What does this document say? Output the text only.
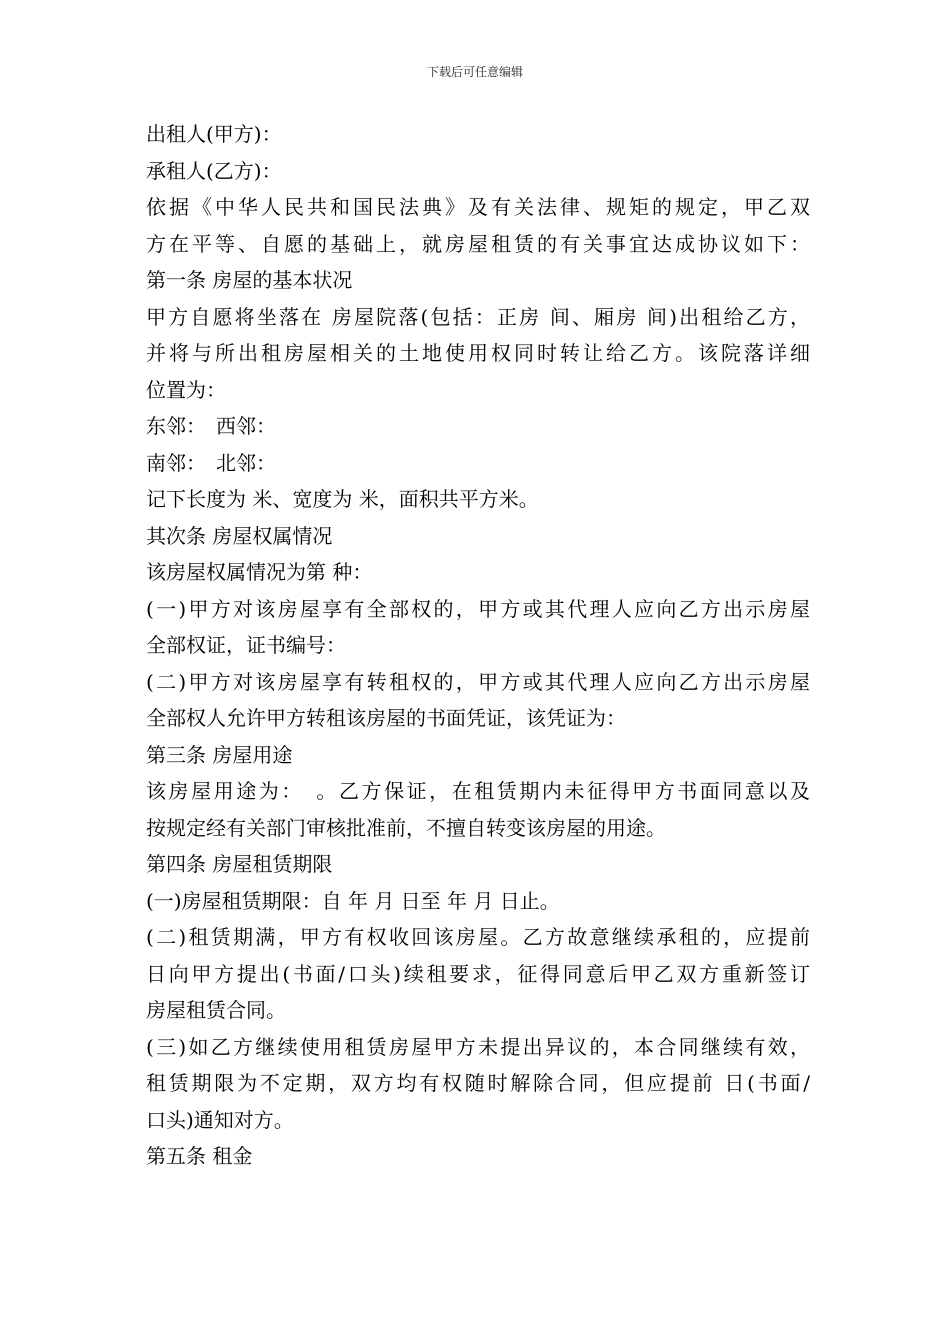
下载后可任意编辑
出租人(甲方)：
承租人(乙方)：
依据《中华人民共和国民法典》及有关法律、规矩的规定，甲乙双
方在平等、自愿的基础上，就房屋租赁的有关事宜达成协议如下：
第一条 房屋的基本状况
甲方自愿将坐落在 房屋院落(包括：正房 间、厢房 间)出租给乙方，
并将与所出租房屋相关的土地使用权同时转让给乙方。该院落详细
位置为：
东邻：　西邻：
南邻：　北邻：
记下长度为 米、宽度为 米，面积共平方米。
其次条 房屋权属情况
该房屋权属情况为第 种：
(一)甲方对该房屋享有全部权的，甲方或其代理人应向乙方出示房屋
全部权证，证书编号：
(二)甲方对该房屋享有转租权的，甲方或其代理人应向乙方出示房屋
全部权人允许甲方转租该房屋的书面凭证，该凭证为：
第三条 房屋用途
该房屋用途为：　。乙方保证，在租赁期内未征得甲方书面同意以及
按规定经有关部门审核批准前，不擅自转变该房屋的用途。
第四条 房屋租赁期限
(一)房屋租赁期限：自 年 月 日至 年 月 日止。
(二)租赁期满，甲方有权收回该房屋。乙方故意继续承租的，应提前
日向甲方提出(书面/口头)续租要求，征得同意后甲乙双方重新签订
房屋租赁合同。
(三)如乙方继续使用租赁房屋甲方未提出异议的，本合同继续有效，
租赁期限为不定期，双方均有权随时解除合同，但应提前 日(书面/
口头)通知对方。
第五条 租金
